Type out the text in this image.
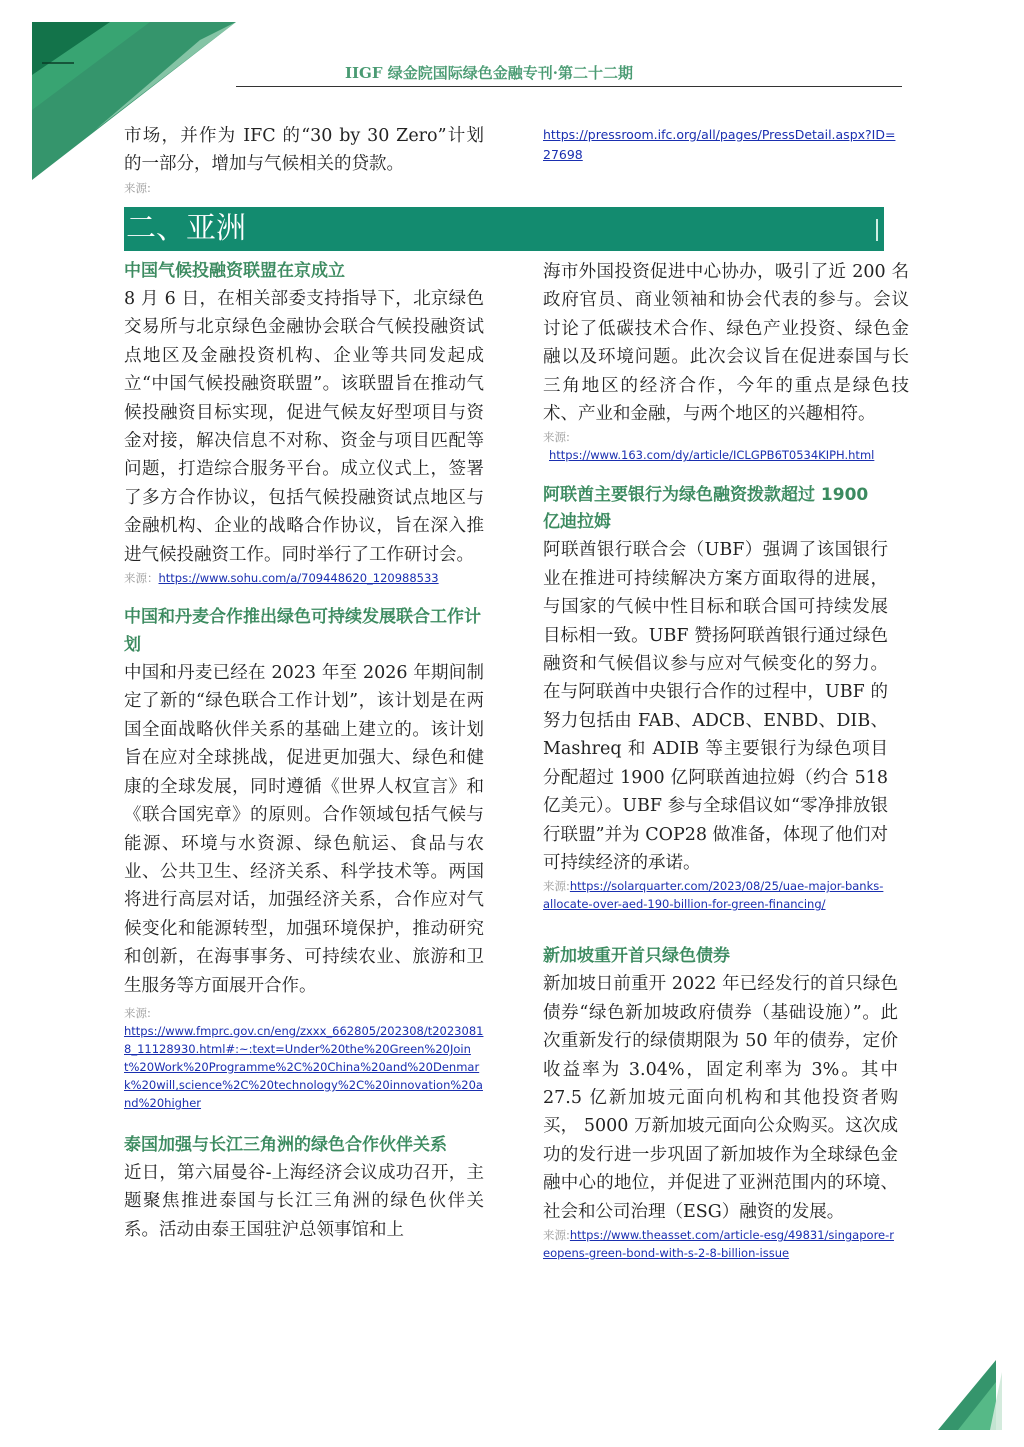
IIGF 绿金院国际绿色金融专刊·第二十二期

市场，并作为 IFC 的“30 by 30 Zero”计划的一部分，增加与气候相关的贷款。

来源:
https://pressroom.ifc.org/all/pages/PressDetail.aspx?ID=27698
二、亚洲
中国气候投融资联盟在京成立

8 月 6 日，在相关部委支持指导下，北京绿色交易所与北京绿色金融协会联合气候投融资试点地区及金融投资机构、企业等共同发起成立“中国气候投融资联盟”。该联盟旨在推动气候投融资目标实现，促进气候友好型项目与资金对接，解决信息不对称、资金与项目匹配等问题，打造综合服务平台。成立仪式上，签署了多方合作协议，包括气候投融资试点地区与金融机构、企业的战略合作协议，旨在深入推进气候投融资工作。同时举行了工作研讨会。

来源：https://www.sohu.com/a/709448620_120988533
中国和丹麦合作推出绿色可持续发展联合工作计划

中国和丹麦已经在 2023 年至 2026 年期间制定了新的“绿色联合工作计划”，该计划是在两国全面战略伙伴关系的基础上建立的。该计划旨在应对全球挑战，促进更加强大、绿色和健康的全球发展，同时遵循《世界人权宣言》和《联合国宪章》的原则。合作领域包括气候与能源、环境与水资源、绿色航运、食品与农业、公共卫生、经济关系、科学技术等。两国将进行高层对话，加强经济关系，合作应对气候变化和能源转型，加强环境保护，推动研究和创新，在海事事务、可持续农业、旅游和卫生服务等方面展开合作。

来源:
https://www.fmprc.gov.cn/eng/zxxx_662805/202308/t20230818_11128930.html#:~:text=Under%20the%20Green%20Joint%20Work%20Programme%2C%20China%20and%20Denmark%20will,science%2C%20technology%2C%20innovation%20and%20higher
泰国加强与长江三角洲的绿色合作伙伴关系

近日，第六届曼谷-上海经济会议成功召开，主题聚焦推进泰国与长江三角洲的绿色伙伴关系。活动由泰王国驻沪总领事馆和上

海市外国投资促进中心协办，吸引了近 200 名政府官员、商业领袖和协会代表的参与。会议讨论了低碳技术合作、绿色产业投资、绿色金融以及环境问题。此次会议旨在促进泰国与长三角地区的经济合作，今年的重点是绿色技术、产业和金融，与两个地区的兴趣相符。

来源:
https://www.163.com/dy/article/ICLGPB6T0534KIPH.html
阿联酋主要银行为绿色融资拨款超过 1900 亿迪拉姆

阿联酋银行联合会（UBF）强调了该国银行业在推进可持续解决方案方面取得的进展，与国家的气候中性目标和联合国可持续发展目标相一致。UBF 赞扬阿联酋银行通过绿色融资和气候倡议参与应对气候变化的努力。在与阿联酋中央银行合作的过程中，UBF 的努力包括由 FAB、ADCB、ENBD、DIB、Mashreq 和 ADIB 等主要银行为绿色项目分配超过 1900 亿阿联酋迪拉姆（约合 518 亿美元）。UBF 参与全球倡议如“零净排放银行联盟”并为 COP28 做准备，体现了他们对可持续经济的承诺。

来源:https://solarquarter.com/2023/08/25/uae-major-banks-allocate-over-aed-190-billion-for-green-financing/
新加坡重开首只绿色债券

新加坡日前重开 2022 年已经发行的首只绿色债券“绿色新加坡政府债券（基础设施）”。此次重新发行的绿债期限为 50 年的债券，定价收益率为 3.04%，固定利率为 3%。其中 27.5 亿新加坡元面向机构和其他投资者购买， 5000 万新加坡元面向公众购买。这次成功的发行进一步巩固了新加坡作为全球绿色金融中心的地位，并促进了亚洲范围内的环境、社会和公司治理（ESG）融资的发展。

来源:https://www.theasset.com/article-esg/49831/singapore-reopens-green-bond-with-s-2-8-billion-issue
